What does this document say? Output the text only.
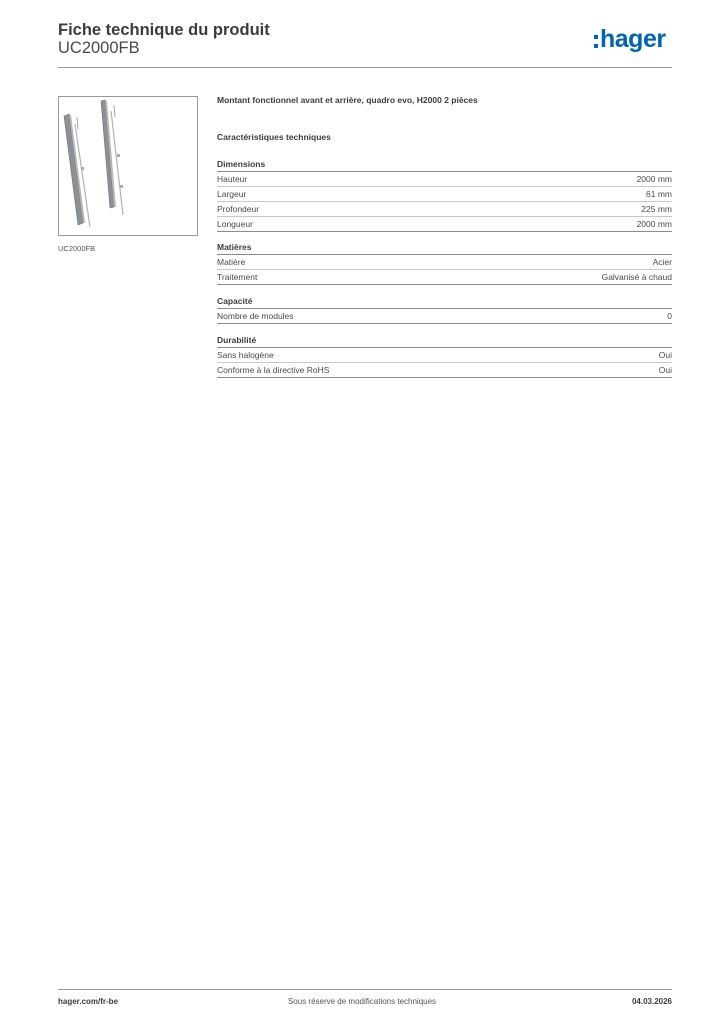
Fiche technique du produit
UC2000FB	hager
UC2000FB

Montant fonctionnel avant et arrière, quadro evo, H2000 2 pièces

Caractéristiques techniques

Dimensions
Hauteur	2000 mm
Largeur	61 mm
Profondeur	225 mm
Longueur	2000 mm
Matières
Matière	Acier
Traitement	Galvanisé à chaud
Capacité
Nombre de modules	0
Durabilité
Sans halogène	Oui
Conforme à la directive RoHS	Oui
hager.com/fr-be	Sous réserve de modifications techniques	04.03.2026
